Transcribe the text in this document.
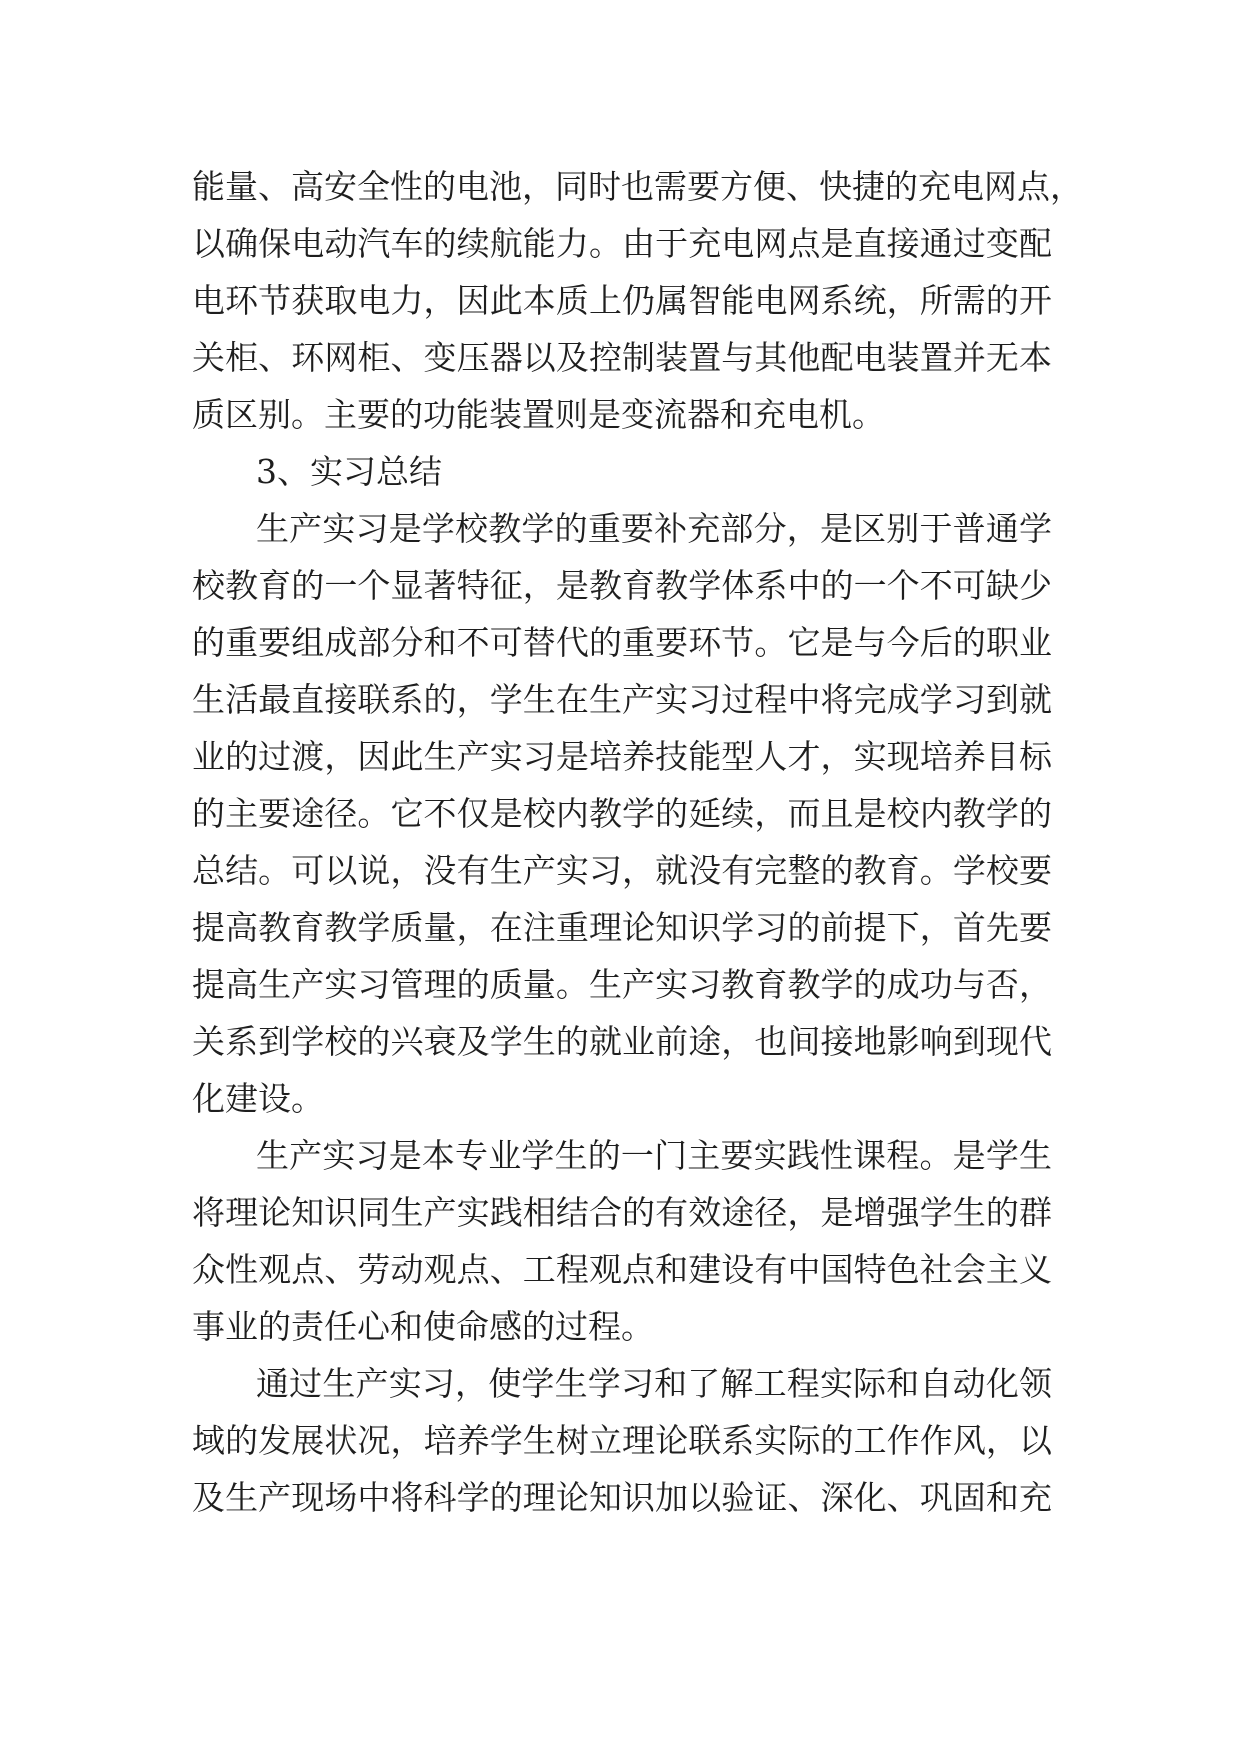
能量、高安全性的电池，同时也需要方便、快捷的充电网点，
以确保电动汽车的续航能力。由于充电网点是直接通过变配
电环节获取电力，因此本质上仍属智能电网系统，所需的开
关柜、环网柜、变压器以及控制装置与其他配电装置并无本
质区别。主要的功能装置则是变流器和充电机。
3、实习总结
生产实习是学校教学的重要补充部分，是区别于普通学
校教育的一个显著特征，是教育教学体系中的一个不可缺少
的重要组成部分和不可替代的重要环节。它是与今后的职业
生活最直接联系的，学生在生产实习过程中将完成学习到就
业的过渡，因此生产实习是培养技能型人才，实现培养目标
的主要途径。它不仅是校内教学的延续，而且是校内教学的
总结。可以说，没有生产实习，就没有完整的教育。学校要
提高教育教学质量，在注重理论知识学习的前提下，首先要
提高生产实习管理的质量。生产实习教育教学的成功与否，
关系到学校的兴衰及学生的就业前途，也间接地影响到现代
化建设。
生产实习是本专业学生的一门主要实践性课程。是学生
将理论知识同生产实践相结合的有效途径，是增强学生的群
众性观点、劳动观点、工程观点和建设有中国特色社会主义
事业的责任心和使命感的过程。
通过生产实习，使学生学习和了解工程实际和自动化领
域的发展状况，培养学生树立理论联系实际的工作作风，以
及生产现场中将科学的理论知识加以验证、深化、巩固和充
